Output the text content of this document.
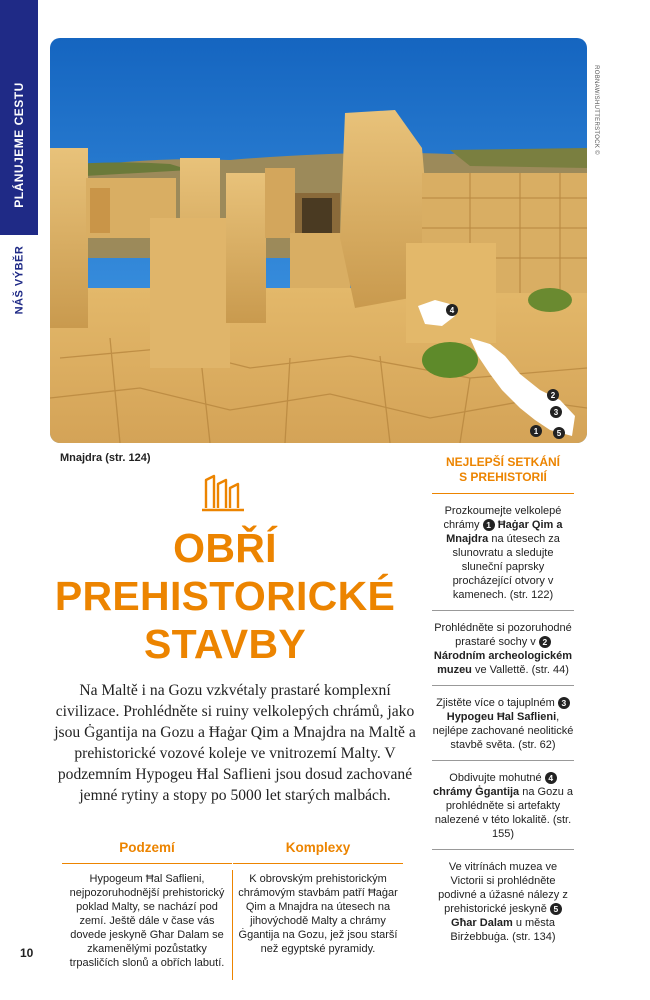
PLÁNUJEME CESTU
NÁŠ VÝBĚR	4
2
3
1 5
ROBNAW/SHUTTERSTOCK ©
Mnajdra (str. 124)
OBŘÍ
PREHISTORICKÉ
STAVBY
Na Maltě i na Gozu vzkvétaly prastaré komplexní civilizace. Prohlédněte si ruiny velkolepých chrámů, jako jsou Ġgantija na Gozu a Ħaġar Qim a Mnajdra na Maltě a prehistorické vozové koleje ve vnitrozemí Malty. V podzemním Hypogeu Ħal Saflieni jsou dosud zachované jemné rytiny a stopy po 5000 let starých malbách.
Podzemí
Hypogeum Ħal Saflieni, nejpozoruhodnější prehistorický poklad Malty, se nachází pod zemí. Ještě dále v čase vás dovede jeskyně Għar Dalam se zkamenělými pozůstatky trpasličích slonů a obřích labutí.
Komplexy
K obrovským prehistorickým chrámovým stavbám patří Ħaġar Qim a Mnajdra na útesech na jihovýchodě Malty a chrámy Ġgantija na Gozu, jež jsou starší než egyptské pyramidy.
10
NEJLEPŠÍ SETKÁNÍ
S PREHISTORIÍ
Prozkoumejte velkolepé chrámy 1 Ħaġar Qim a Mnajdra na útesech za slunovratu a sledujte sluneční paprsky procházející otvory v kamenech. (str. 122)
Prohlédněte si pozoruhodné prastaré sochy v 2 Národním archeologickém muzeu ve Vallettě. (str. 44)
Zjistěte více o tajuplném 3 Hypogeu Ħal Saflieni, nejlépe zachované neolitické stavbě světa. (str. 62)
Obdivujte mohutné 4 chrámy Ġgantija na Gozu a prohlédněte si artefakty nalezené v této lokalitě. (str. 155)
Ve vitrínách muzea ve Victorii si prohlédněte podivné a úžasné nálezy z prehistorické jeskyně 5 Għar Dalam u města Birżebbuġa. (str. 134)
